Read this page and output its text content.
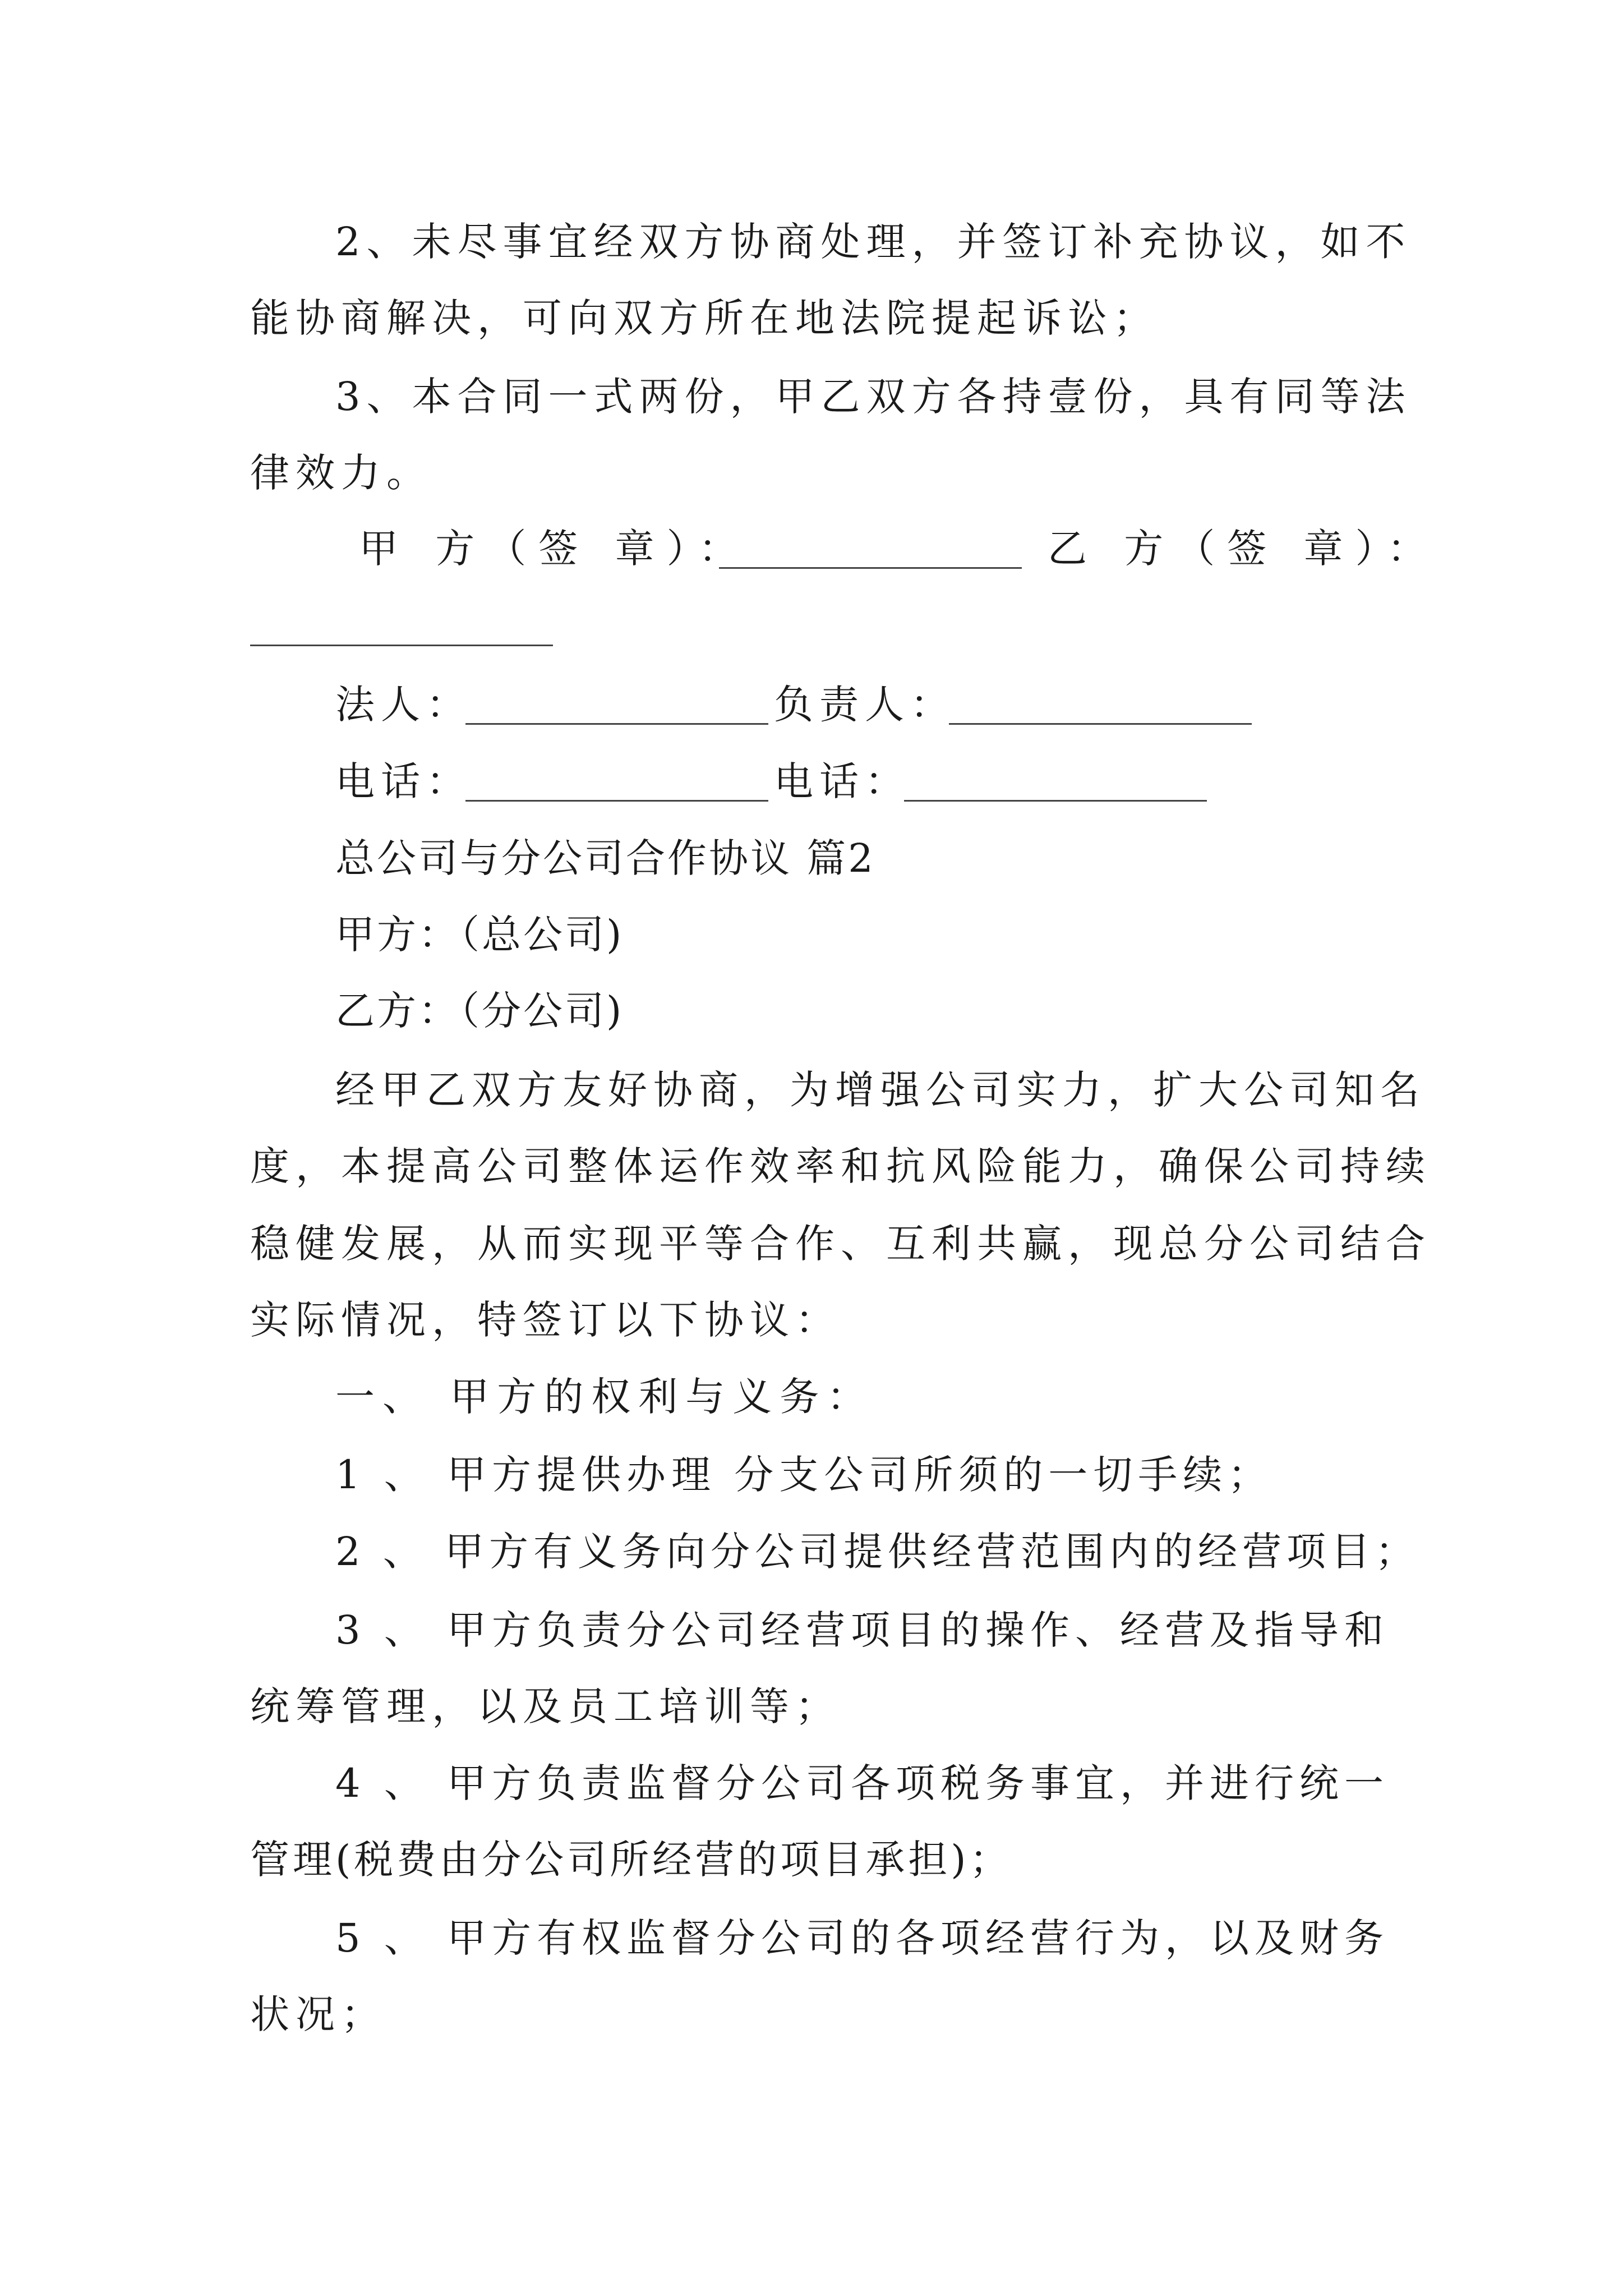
2、未尽事宜经双方协商处理，并签订补充协议，如不
能协商解决，可向双方所在地法院提起诉讼；
3、本合同一式两份，甲乙双方各持壹份，具有同等法
律效力。
甲 方（签 章）：	乙 方（签 章）：
法人：	负责人：
电话：	电话：
总公司与分公司合作协议 篇2
甲方：（总公司)
乙方：（分公司)
经甲乙双方友好协商，为增强公司实力，扩大公司知名
度，本提高公司整体运作效率和抗风险能力，确保公司持续
稳健发展，从而实现平等合作、互利共赢，现总分公司结合
实际情况，特签订以下协议：
一、 甲方的权利与义务：
1 、 甲方提供办理 分支公司所须的一切手续；
2 、 甲方有义务向分公司提供经营范围内的经营项目；
3 、 甲方负责分公司经营项目的操作、经营及指导和
统筹管理，以及员工培训等；
4 、 甲方负责监督分公司各项税务事宜，并进行统一
管理(税费由分公司所经营的项目承担)；
5 、 甲方有权监督分公司的各项经营行为，以及财务
状况；
